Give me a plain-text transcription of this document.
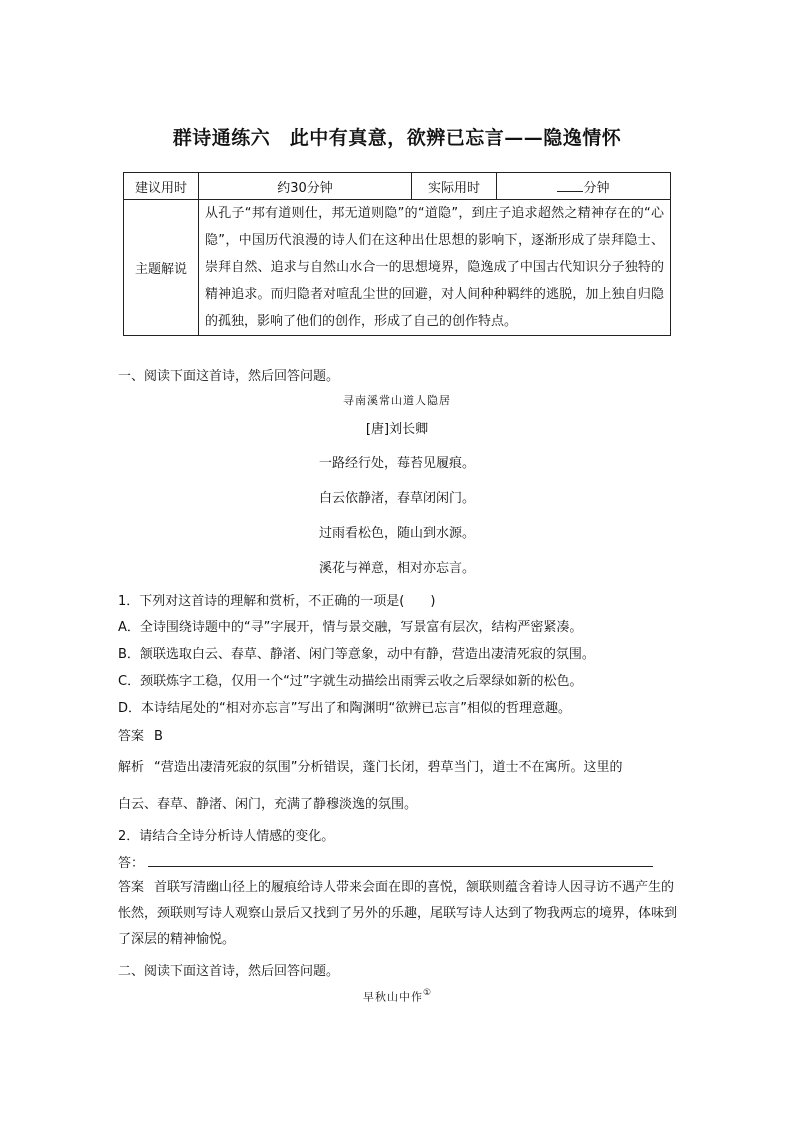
群诗通练六　此中有真意，欲辨已忘言——隐逸情怀
建议用时	约30分钟	实际用时	分钟
主题解说	从孔子“邦有道则仕，邦无道则隐”的“道隐”，到庄子追求超然之精神存在的“心隐”，中国历代浪漫的诗人们在这种出仕思想的影响下，逐渐形成了崇拜隐士、崇拜自然、追求与自然山水合一的思想境界，隐逸成了中国古代知识分子独特的精神追求。而归隐者对喧乱尘世的回避，对人间种种羁绊的逃脱，加上独自归隐的孤独，影响了他们的创作，形成了自己的创作特点。		
一、阅读下面这首诗，然后回答问题。
寻南溪常山道人隐居
[唐]刘长卿
一路经行处，莓苔见履痕。
白云依静渚，春草闭闲门。
过雨看松色，随山到水源。
溪花与禅意，相对亦忘言。
1．下列对这首诗的理解和赏析，不正确的一项是(　　)
A．全诗围绕诗题中的“寻”字展开，情与景交融，写景富有层次，结构严密紧凑。
B．颔联选取白云、春草、静渚、闲门等意象，动中有静，营造出凄清死寂的氛围。
C．颈联炼字工稳，仅用一个“过”字就生动描绘出雨霁云收之后翠绿如新的松色。
D．本诗结尾处的“相对亦忘言”写出了和陶渊明“欲辨已忘言”相似的哲理意趣。
答案 B
解析 “营造出凄清死寂的氛围”分析错误，蓬门长闭，碧草当门，道士不在寓所。这里的
白云、春草、静渚、闲门，充满了静穆淡逸的氛围。
2．请结合全诗分析诗人情感的变化。
答：
答案 首联写清幽山径上的履痕给诗人带来会面在即的喜悦，颔联则蕴含着诗人因寻访不遇产生的怅然，颈联则写诗人观察山景后又找到了另外的乐趣，尾联写诗人达到了物我两忘的境界，体味到了深层的精神愉悦。
二、阅读下面这首诗，然后回答问题。
早秋山中作①
